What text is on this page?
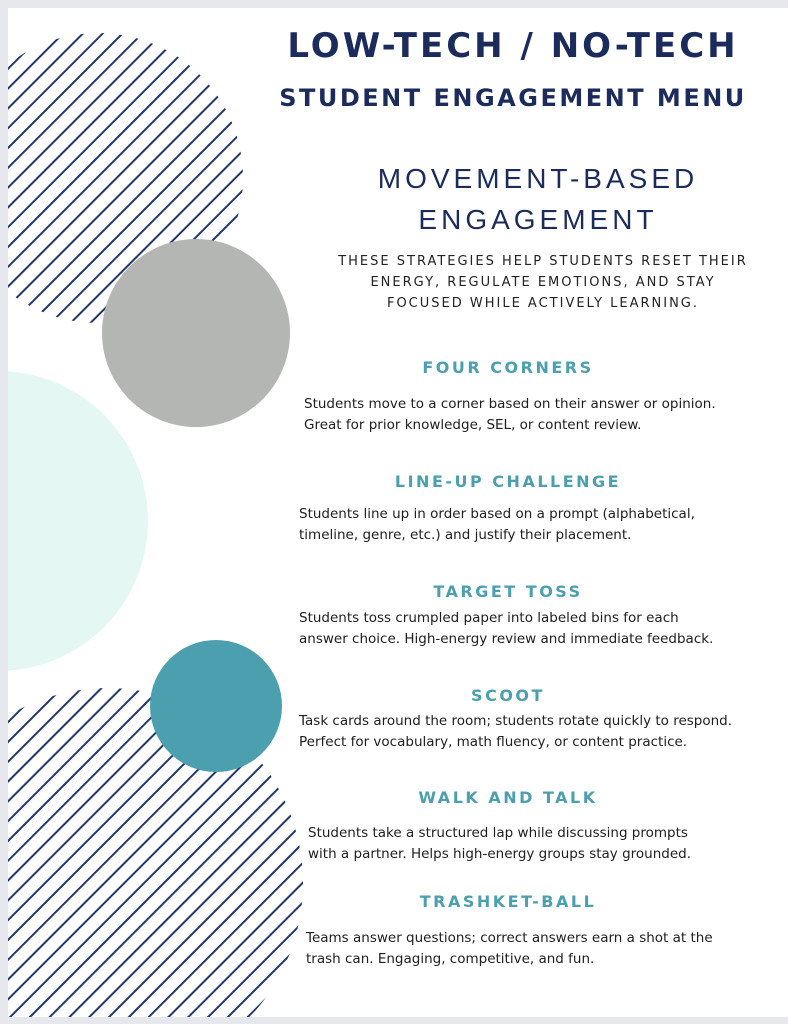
LOW-TECH / NO-TECH
STUDENT ENGAGEMENT MENU
MOVEMENT-BASED
ENGAGEMENT
THESE STRATEGIES HELP STUDENTS RESET THEIR
ENERGY, REGULATE EMOTIONS, AND STAY
FOCUSED WHILE ACTIVELY LEARNING.
FOUR CORNERS
Students move to a corner based on their answer or opinion.
Great for prior knowledge, SEL, or content review.
LINE-UP CHALLENGE
Students line up in order based on a prompt (alphabetical,
timeline, genre, etc.) and justify their placement.
TARGET TOSS
Students toss crumpled paper into labeled bins for each
answer choice. High-energy review and immediate feedback.
SCOOT
Task cards around the room; students rotate quickly to respond.
Perfect for vocabulary, math fluency, or content practice.
WALK AND TALK
Students take a structured lap while discussing prompts
with a partner. Helps high-energy groups stay grounded.
TRASHKET-BALL
Teams answer questions; correct answers earn a shot at the
trash can. Engaging, competitive, and fun.
